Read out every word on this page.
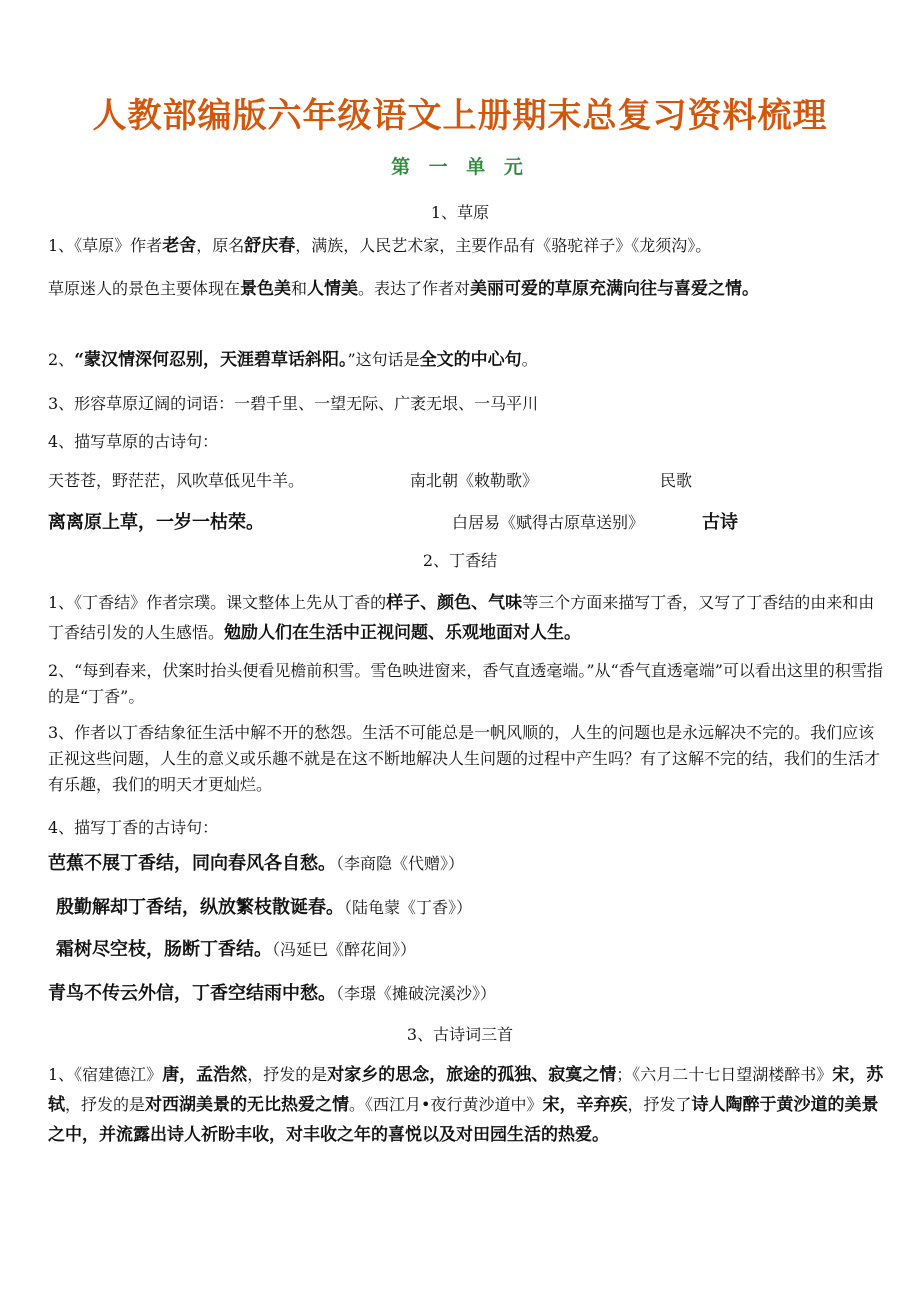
人教部编版六年级语文上册期末总复习资料梳理
第 一 单 元
1、草原

1、《草原》作者老舍，原名舒庆春，满族，人民艺术家，主要作品有《骆驼祥子》《龙须沟》。

草原迷人的景色主要体现在景色美和人情美。表达了作者对美丽可爱的草原充满向往与喜爱之情。

2、“蒙汉情深何忍别，天涯碧草话斜阳。”这句话是全文的中心句。

3、形容草原辽阔的词语：一碧千里、一望无际、广袤无垠、一马平川

4、描写草原的古诗句：

天苍苍，野茫茫，风吹草低见牛羊。	南北朝《敕勒歌》	民歌
离离原上草，一岁一枯荣。	白居易《赋得古原草送别》	古诗
2、丁香结

1、《丁香结》作者宗璞。课文整体上先从丁香的样子、颜色、气味等三个方面来描写丁香，又写了丁香结的由来和由丁香结引发的人生感悟。勉励人们在生活中正视问题、乐观地面对人生。

2、“每到春来，伏案时抬头便看见檐前积雪。雪色映进窗来，香气直透毫端。”从“香气直透毫端”可以看出这里的积雪指的是“丁香”。

3、作者以丁香结象征生活中解不开的愁怨。生活不可能总是一帆风顺的，人生的问题也是永远解决不完的。我们应该正视这些问题，人生的意义或乐趣不就是在这不断地解决人生问题的过程中产生吗？有了这解不完的结，我们的生活才有乐趣，我们的明天才更灿烂。

4、描写丁香的古诗句：

芭蕉不展丁香结，同向春风各自愁。（李商隐《代赠》）

殷勤解却丁香结，纵放繁枝散诞春。（陆龟蒙《丁香》）

霜树尽空枝，肠断丁香结。（冯延巳《醉花间》）

青鸟不传云外信，丁香空结雨中愁。（李璟《摊破浣溪沙》）

3、古诗词三首

1、《宿建德江》唐，孟浩然，抒发的是对家乡的思念，旅途的孤独、寂寞之情；《六月二十七日望湖楼醉书》宋，苏轼，抒发的是对西湖美景的无比热爱之情。《西江月•夜行黄沙道中》宋，辛弃疾，抒发了诗人陶醉于黄沙道的美景之中，并流露出诗人祈盼丰收，对丰收之年的喜悦以及对田园生活的热爱。
